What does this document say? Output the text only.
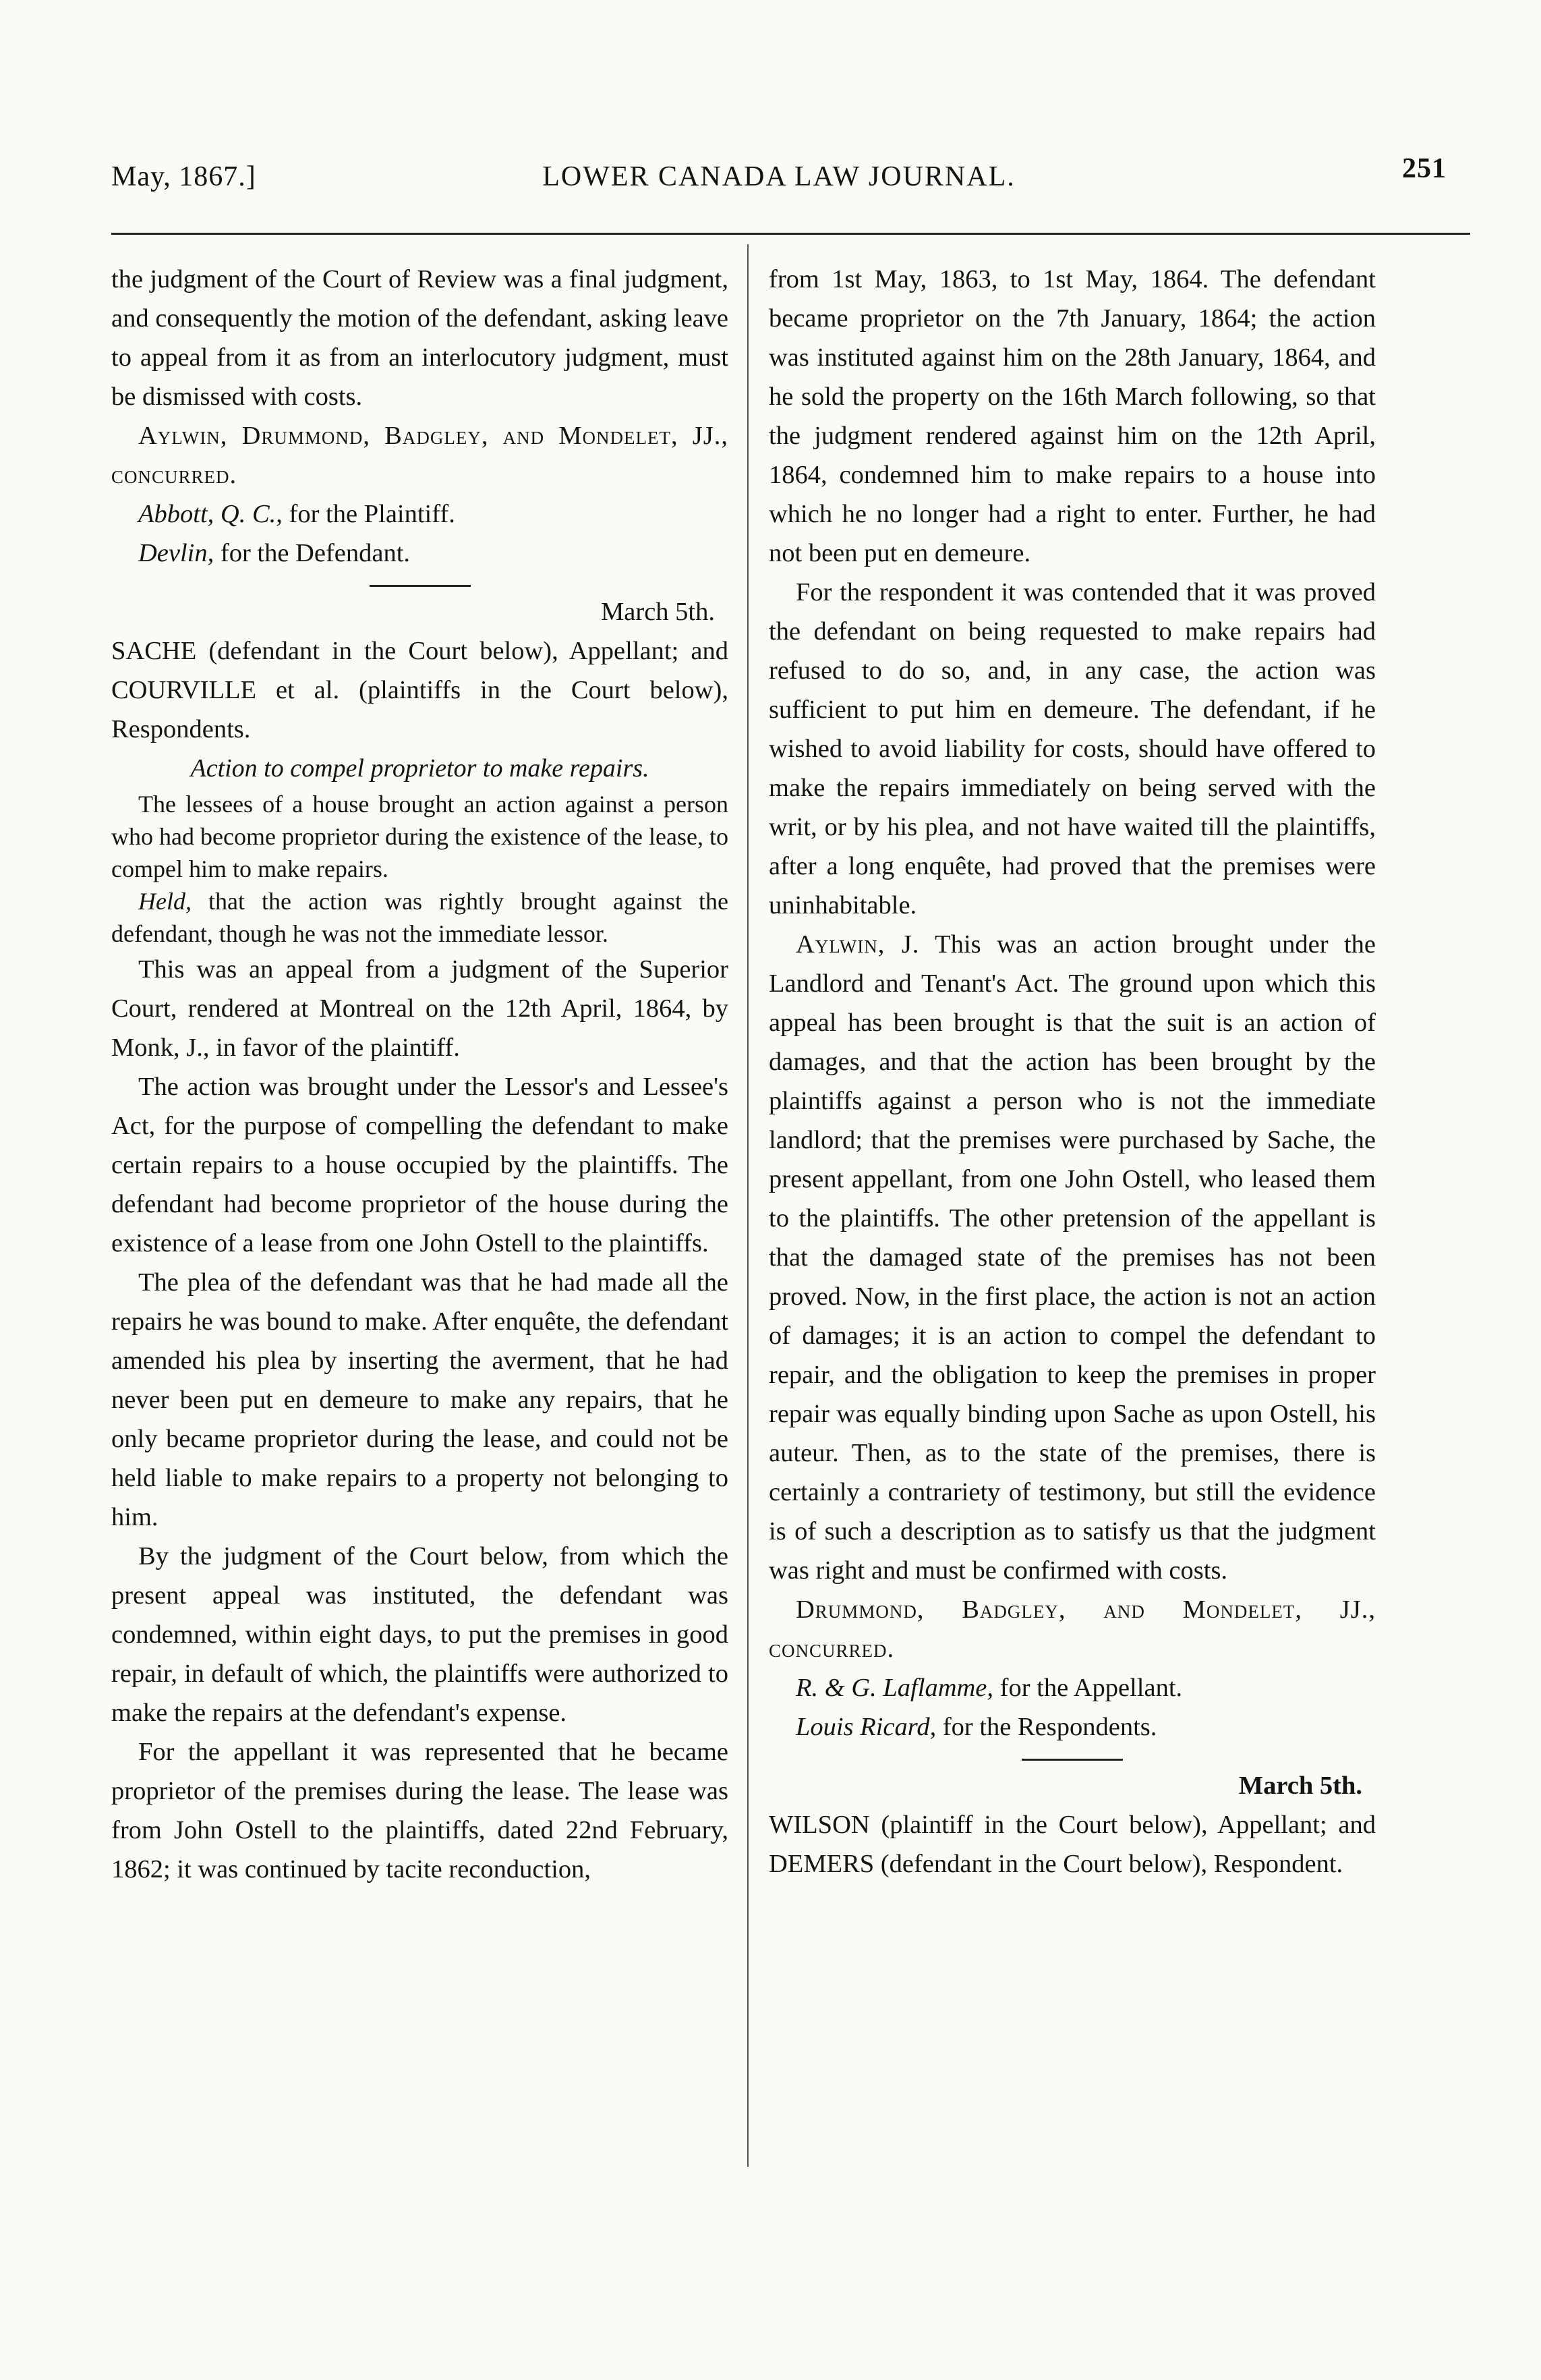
May, 1867.]	LOWER CANADA LAW JOURNAL.	251

the judgment of the Court of Review was a final judgment, and consequently the motion of the defendant, asking leave to appeal from it as from an interlocutory judgment, must be dismissed with costs.

Aylwin, Drummond, Badgley, and Mondelet, JJ., concurred.

Abbott, Q. C., for the Plaintiff.

Devlin, for the Defendant.

March 5th.

SACHE (defendant in the Court below), Appellant; and COURVILLE et al. (plaintiffs in the Court below), Respondents.

Action to compel proprietor to make repairs.

The lessees of a house brought an action against a person who had become proprietor during the existence of the lease, to compel him to make repairs.

Held, that the action was rightly brought against the defendant, though he was not the immediate lessor.

This was an appeal from a judgment of the Superior Court, rendered at Montreal on the 12th April, 1864, by Monk, J., in favor of the plaintiff.

The action was brought under the Lessor's and Lessee's Act, for the purpose of compelling the defendant to make certain repairs to a house occupied by the plaintiffs. The defendant had become proprietor of the house during the existence of a lease from one John Ostell to the plaintiffs.

The plea of the defendant was that he had made all the repairs he was bound to make. After enquête, the defendant amended his plea by inserting the averment, that he had never been put en demeure to make any repairs, that he only became proprietor during the lease, and could not be held liable to make repairs to a property not belonging to him.

By the judgment of the Court below, from which the present appeal was instituted, the defendant was condemned, within eight days, to put the premises in good repair, in default of which, the plaintiffs were authorized to make the repairs at the defendant's expense.

For the appellant it was represented that he became proprietor of the premises during the lease. The lease was from John Ostell to the plaintiffs, dated 22nd February, 1862; it was continued by tacite reconduction,

from 1st May, 1863, to 1st May, 1864. The defendant became proprietor on the 7th January, 1864; the action was instituted against him on the 28th January, 1864, and he sold the property on the 16th March following, so that the judgment rendered against him on the 12th April, 1864, condemned him to make repairs to a house into which he no longer had a right to enter. Further, he had not been put en demeure.

For the respondent it was contended that it was proved the defendant on being requested to make repairs had refused to do so, and, in any case, the action was sufficient to put him en demeure. The defendant, if he wished to avoid liability for costs, should have offered to make the repairs immediately on being served with the writ, or by his plea, and not have waited till the plaintiffs, after a long enquête, had proved that the premises were uninhabitable.

Aylwin, J. This was an action brought under the Landlord and Tenant's Act. The ground upon which this appeal has been brought is that the suit is an action of damages, and that the action has been brought by the plaintiffs against a person who is not the immediate landlord; that the premises were purchased by Sache, the present appellant, from one John Ostell, who leased them to the plaintiffs. The other pretension of the appellant is that the damaged state of the premises has not been proved. Now, in the first place, the action is not an action of damages; it is an action to compel the defendant to repair, and the obligation to keep the premises in proper repair was equally binding upon Sache as upon Ostell, his auteur. Then, as to the state of the premises, there is certainly a contrariety of testimony, but still the evidence is of such a description as to satisfy us that the judgment was right and must be confirmed with costs.

Drummond, Badgley, and Mondelet, JJ., concurred.

R. & G. Laflamme, for the Appellant.

Louis Ricard, for the Respondents.

March 5th.

WILSON (plaintiff in the Court below), Appellant; and DEMERS (defendant in the Court below), Respondent.
